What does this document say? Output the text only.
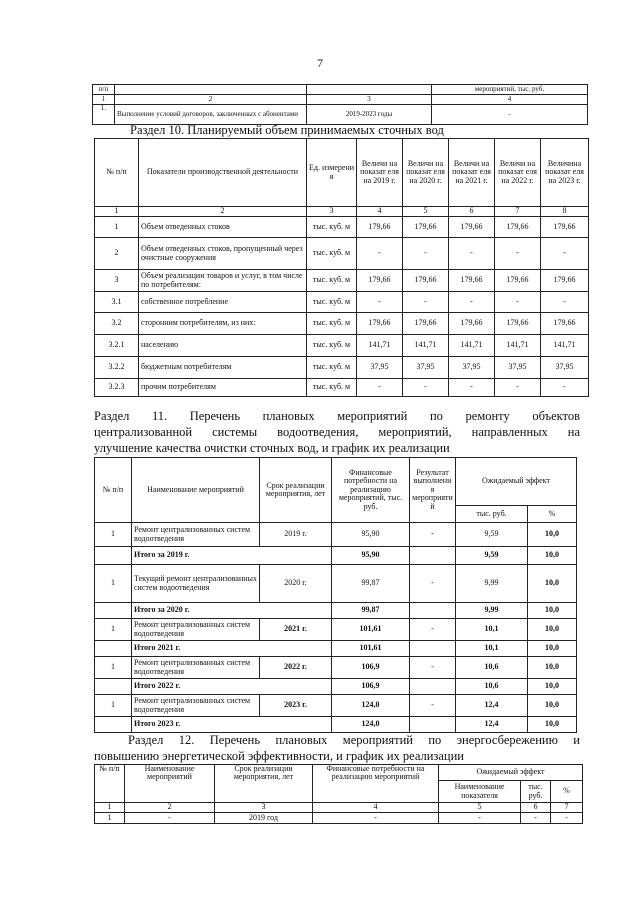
7
п/п			мероприятий, тыс. руб.
1	2	3	4
1.	Выполнение условий договоров, заключенных с абонентами	2019-2023 годы	-
Раздел 10. Планируемый объем принимаемых сточных вод
№ п/п	Показатели производственной деятельности	Ед. измерени я	Величи на показат еля на 2019 г.	Величи на показат еля на 2020 г.	Величи на показат еля на 2021 г.	Величи на показат еля на 2022 г.	Величина показат еля на 2023 г.
1	2	3	4	5	6	7	8
1	Объем отведенных стоков	тыс. куб. м	179,66	179,66	179,66	179,66	179,66
2	Объем отведенных стоков, пропущенный через очистные сооружения	тыс. куб. м	-	-	-	-	-
3	Объем реализации товаров и услуг, в том числе по потребителям:	тыс. куб. м	179,66	179,66	179,66	179,66	179,66
3.1	собственное потребление	тыс. куб. м	-	-	-	-	-
3.2	сторонним потребителям, из них:	тыс. куб. м	179,66	179,66	179,66	179,66	179,66
3.2.1	населению	тыс. куб. м	141,71	141,71	141,71	141,71	141,71
3.2.2	бюджетным потребителям	тыс. куб. м	37,95	37,95	37,95	37,95	37,95
3.2.3	прочим потребителям	тыс. куб. м	-	-	-	-	-
Раздел 11. Перечень плановых мероприятий по ремонту объектов
централизованной системы водоотведения, мероприятий, направленных на
улучшение качества очистки сточных вод, и график их реализации
№ п/п	Наименование мероприятий	Срок реализации мероприятия, лет	Финансовые потребности на реализацию мероприятий, тыс. руб.	Результат выполнени я мероприяти й	Ожидаемый эффект	
					тыс. руб.	%
1	Ремонт централизованных систем водоотведения	2019 г.	95,90	-	9,59	10,0
	Итого за 2019 г.		95,90		9,59	10,0
1	Текущий ремонт централизованных систем водоотведения	2020 г.	99,87	-	9,99	10,0
	Итого за 2020 г.		99,87		9,99	10,0
1	Ремонт централизованных систем водоотведения	2021 г.	101,61	-	10,1	10,0
	Итого 2021 г.		101,61		10,1	10,0
1	Ремонт централизованных систем водоотведения	2022 г.	106,9	-	10,6	10,0
	Итого 2022 г.		106,9		10,6	10,0
1	Ремонт централизованных систем водоотведения	2023 г.	124,0	-	12,4	10,0
	Итого 2023 г.		124,0		12,4	10,0
Раздел 12. Перечень плановых мероприятий по энергосбережению и
повышению энергетической эффективности, и график их реализации
№ п/п	Наименование мероприятий	Срок реализации мероприятия, лет	Финансовые потребности на реализацию мероприятий	Ожидаемый эффект		
				Наименование показателя	тыс. руб.	%
1	2	3	4	5	6	7
1	-	2019 год	-	-	-	-
